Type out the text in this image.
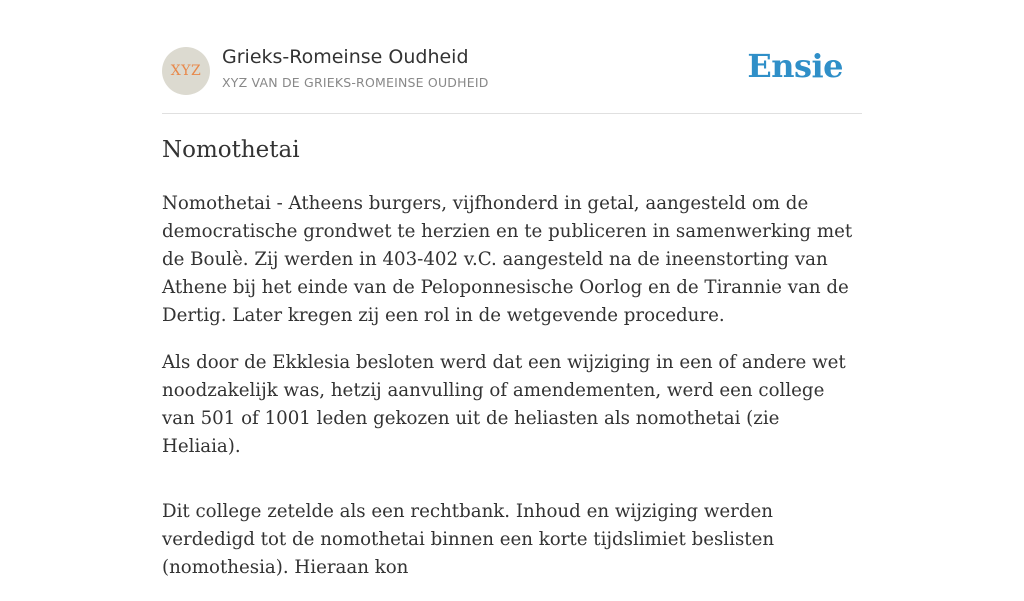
XYZ
Grieks-Romeinse Oudheid
XYZ VAN DE GRIEKS-ROMEINSE OUDHEID	Ensie
Nomothetai

Nomothetai - Atheens burgers, vijfhonderd in getal, aangesteld om de democratische grondwet te herzien en te publiceren in samenwerking met de Boulè. Zij werden in 403-402 v.C. aangesteld na de ineenstorting van Athene bij het einde van de Peloponnesische Oorlog en de Tirannie van de Dertig. Later kregen zij een rol in de wetgevende procedure.

Als door de Ekklesia besloten werd dat een wijziging in een of andere wet noodzakelijk was, hetzij aanvulling of amendementen, werd een college van 501 of 1001 leden gekozen uit de heliasten als nomothetai (zie Heliaia).

Dit college zetelde als een rechtbank. Inhoud en wijziging werden verdedigd tot de nomothetai binnen een korte tijdslimiet beslisten (nomothesia). Hieraan kon
